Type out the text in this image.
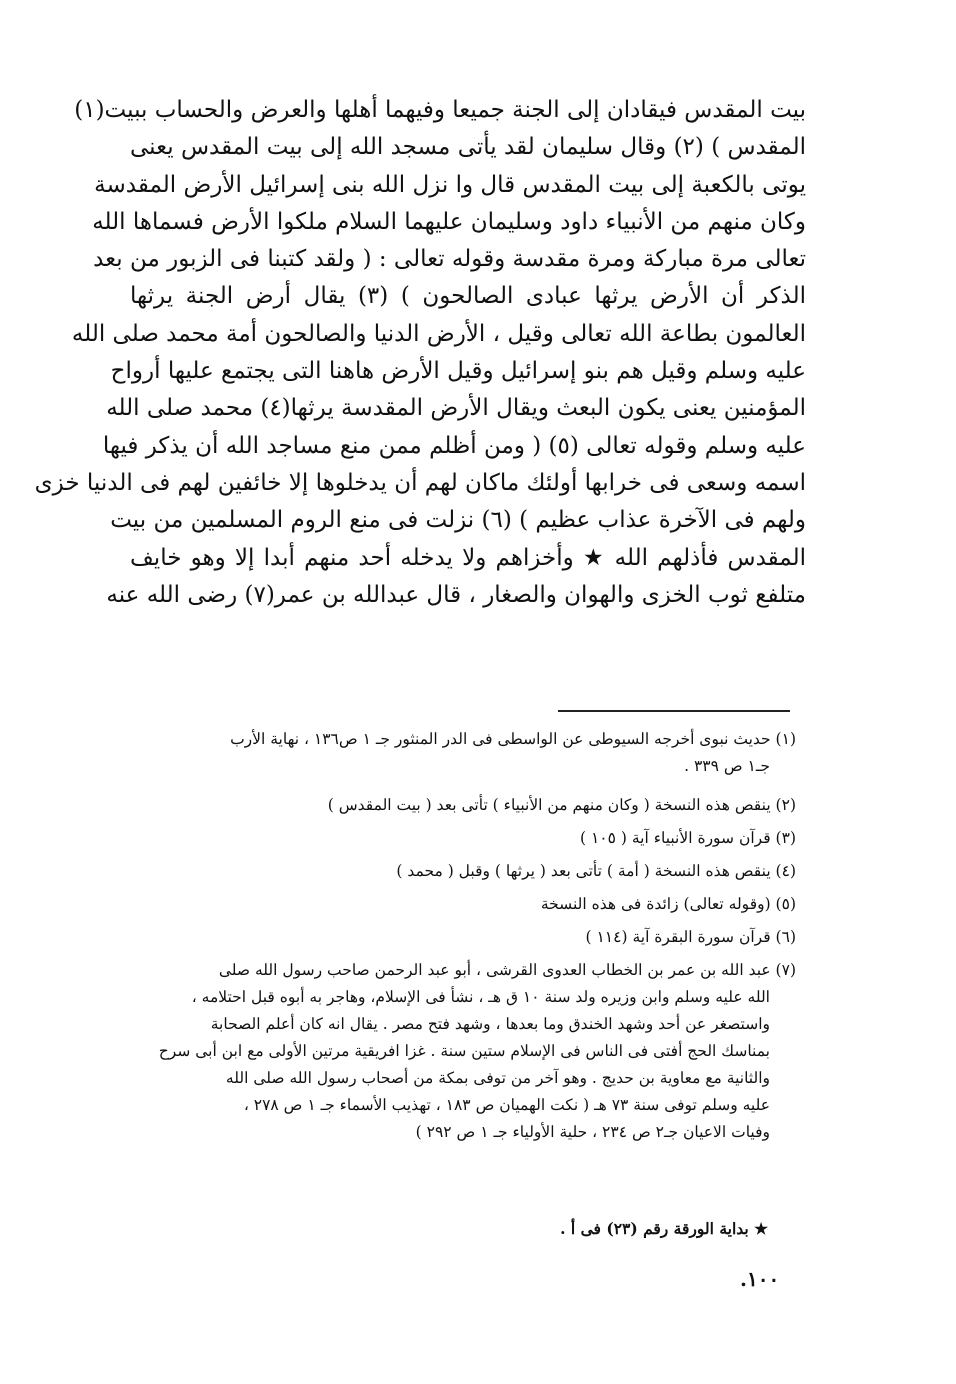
بيت المقدس فيقادان إلى الجنة جميعا وفيهما أهلها والعرض والحساب ببيت(١)
المقدس ) (٢) وقال سليمان لقد يأتى مسجد الله إلى بيت المقدس يعنى
يوتى بالكعبة إلى بيت المقدس قال وا نزل الله بنى إسرائيل الأرض المقدسة
وكان منهم من الأنبياء داود وسليمان عليهما السلام ملكوا الأرض فسماها الله
تعالى مرة مباركة ومرة مقدسة وقوله تعالى : ( ولقد كتبنا فى الزبور من بعد
الذكر أن الأرض يرثها عبادى الصالحون ) (٣) يقال أرض الجنة يرثها
العالمون بطاعة الله تعالى وقيل ، الأرض الدنيا والصالحون أمة محمد صلى الله
عليه وسلم وقيل هم بنو إسرائيل وقيل الأرض هاهنا التى يجتمع عليها أرواح
المؤمنين يعنى يكون البعث ويقال الأرض المقدسة يرثها(٤) محمد صلى الله
عليه وسلم وقوله تعالى (٥) ( ومن أظلم ممن منع مساجد الله أن يذكر فيها
اسمه وسعى فى خرابها أولئك ماكان لهم أن يدخلوها إلا خائفين لهم فى الدنيا خزى
ولهم فى الآخرة عذاب عظيم ) (٦) نزلت فى منع الروم المسلمين من بيت
المقدس فأذلهم الله ★ وأخزاهم ولا يدخله أحد منهم أبدا إلا وهو خايف
متلفع ثوب الخزى والهوان والصغار ، قال عبدالله بن عمر(٧) رضى الله عنه
(١) حديث نبوى أخرجه السيوطى عن الواسطى فى الدر المنثور جـ ١ ص١٣٦ ، نهاية الأرب
جـ١ ص ٣٣٩ .
(٢) ينقص هذه النسخة ( وكان منهم من الأنبياء ) تأتى بعد ( بيت المقدس )
(٣) قرآن سورة الأنبياء آية ( ١٠٥ )
(٤) ينقص هذه النسخة ( أمة ) تأتى بعد ( يرثها ) وقبل ( محمد )
(٥) (وقوله تعالى) زائدة فى هذه النسخة
(٦) قرآن سورة البقرة آية (١١٤ )
(٧) عبد الله بن عمر بن الخطاب العدوى القرشى ، أبو عبد الرحمن صاحب رسول الله صلى
الله عليه وسلم وابن وزيره ولد سنة ١٠ ق هـ ، نشأ فى الإسلام، وهاجر به أبوه قبل احتلامه ،
واستصغر عن أحد وشهد الخندق وما بعدها ، وشهد فتح مصر . يقال انه كان أعلم الصحابة
بمناسك الحج أفتى فى الناس فى الإسلام ستين سنة . غزا افريقية مرتين الأولى مع ابن أبى سرح
والثانية مع معاوية بن حديج . وهو آخر من توفى بمكة من أصحاب رسول الله صلى الله
عليه وسلم توفى سنة ٧٣ هـ ( نكت الهميان ص ١٨٣ ، تهذيب الأسماء جـ ١ ص ٢٧٨ ،
وفيات الاعيان جـ٢ ص ٢٣٤ ، حلية الأولياء جـ ١ ص ٢٩٢ )
★ بداية الورقة رقم (٢٣) فى أ .
١٠٠.
